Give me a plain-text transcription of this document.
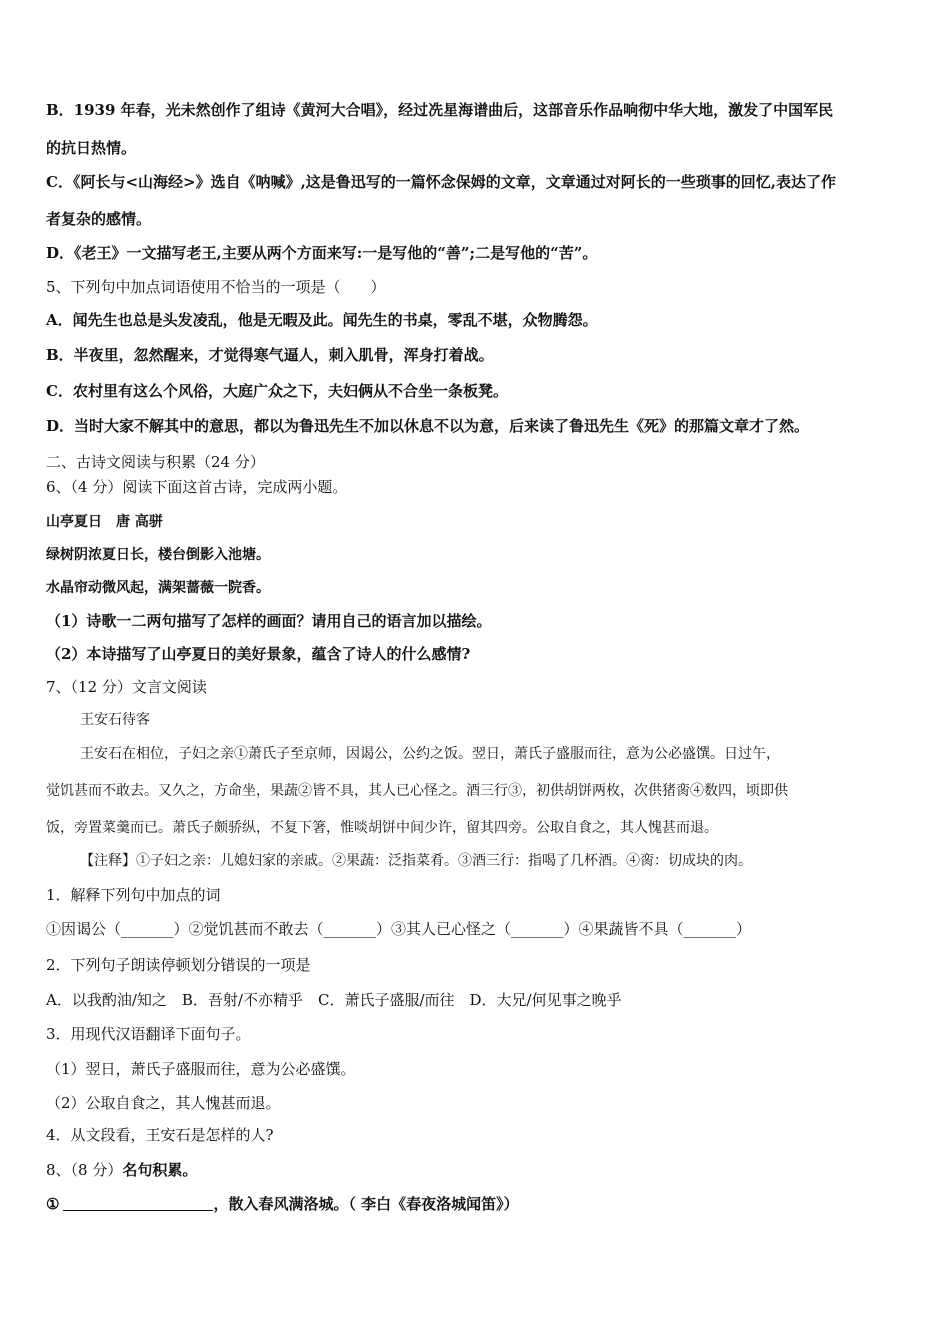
B．1939 年春，光未然创作了组诗《黄河大合唱》，经过冼星海谱曲后，这部音乐作品响彻中华大地，激发了中国军民
的抗日热情。
C．《阿长与<山海经>》选自《呐喊》,这是鲁迅写的一篇怀念保姆的文章，文章通过对阿长的一些琐事的回忆,表达了作
者复杂的感情。
D．《老王》一文描写老王,主要从两个方面来写:一是写他的“善”;二是写他的“苦”。
5、下列句中加点词语使用不恰当的一项是（　　）
A．闻先生也总是头发凌乱，他是无暇及此。闻先生的书桌，零乱不堪，众物腾怨。
B．半夜里，忽然醒来，才觉得寒气逼人，刺入肌骨，浑身打着战。
C．农村里有这么个风俗，大庭广众之下，夫妇俩从不合坐一条板凳。
D．当时大家不解其中的意思，都以为鲁迅先生不加以休息不以为意，后来读了鲁迅先生《死》的那篇文章才了然。
二、古诗文阅读与积累（24 分）
6、（4 分）阅读下面这首古诗，完成两小题。
山亭夏日　唐 高骈
绿树阴浓夏日长，楼台倒影入池塘。
水晶帘动微风起，满架蔷薇一院香。
（1）诗歌一二两句描写了怎样的画面？请用自己的语言加以描绘。
（2）本诗描写了山亭夏日的美好景象，蕴含了诗人的什么感情?
7、（12 分）文言文阅读
王安石待客
王安石在相位，子妇之亲①萧氏子至京师，因谒公，公约之饭。翌日，萧氏子盛服而往，意为公必盛馔。日过午，
觉饥甚而不敢去。又久之，方命坐，果蔬②皆不具，其人已心怪之。酒三行③，初供胡饼两枚，次供猪脔④数四，顷即供
饭，旁置菜羹而已。萧氏子颇骄纵，不复下箸，惟啖胡饼中间少许，留其四旁。公取自食之，其人愧甚而退。
【注释】①子妇之亲：儿媳妇家的亲戚。②果蔬：泛指菜肴。③酒三行：指喝了几杯酒。④脔：切成块的肉。
1．解释下列句中加点的词
①因谒公（_______）②觉饥甚而不敢去（_______）③其人已心怪之（_______）④果蔬皆不具（_______）
2．下列句子朗读停顿划分错误的一项是
A．以我酌油/知之　B．吾射/不亦精乎　C．萧氏子盛服/而往　D．大兄/何见事之晚乎
3．用现代汉语翻译下面句子。
（1）翌日，萧氏子盛服而往，意为公必盛馔。
（2）公取自食之，其人愧甚而退。
4．从文段看，王安石是怎样的人?
8、（8 分）名句积累。
①	，散入春风满洛城。（ 李白《春夜洛城闻笛》）
